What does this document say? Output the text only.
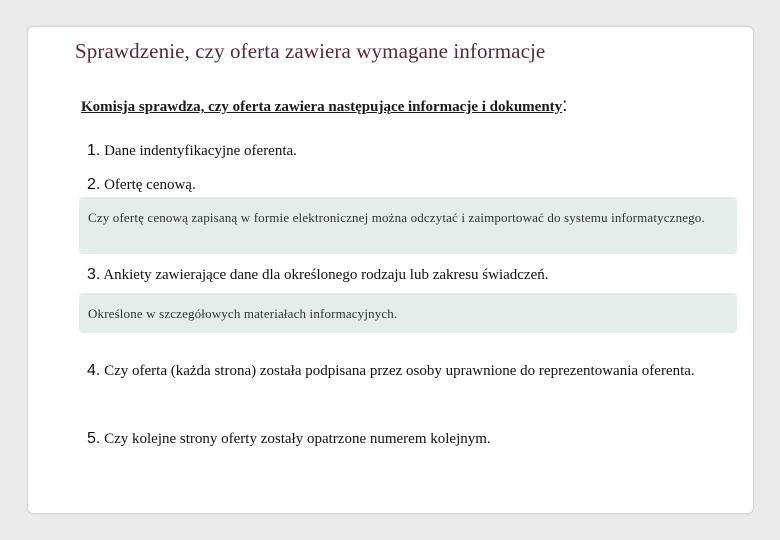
Sprawdzenie, czy oferta zawiera wymagane informacje
Komisja sprawdza, czy oferta zawiera następujące informacje i dokumenty:
1. Dane indentyfikacyjne oferenta.
2. Ofertę cenową.
Czy ofertę cenową zapisaną w formie elektronicznej można odczytać i zaimportować do systemu informatycznego.
3. Ankiety zawierające dane dla określonego rodzaju lub zakresu świadczeń.
Określone w szczegółowych materiałach informacyjnych.
4. Czy oferta (każda strona) została podpisana przez osoby uprawnione do reprezentowania oferenta.
5. Czy kolejne strony oferty zostały opatrzone numerem kolejnym.
